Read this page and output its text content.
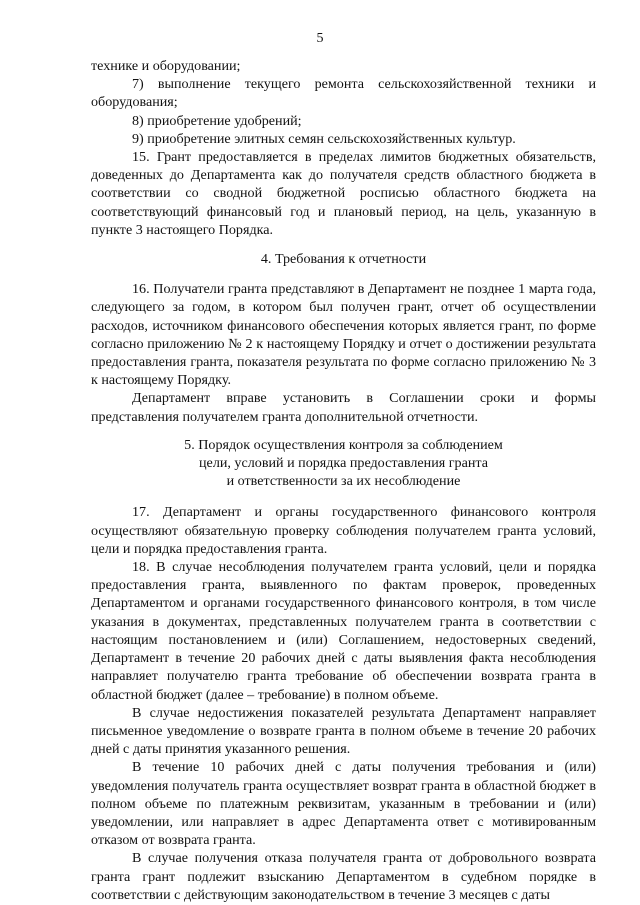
5

технике и оборудовании;

7) выполнение текущего ремонта сельскохозяйственной техники и оборудования;

8) приобретение удобрений;

9) приобретение элитных семян сельскохозяйственных культур.

15. Грант предоставляется в пределах лимитов бюджетных обязательств, доведенных до Департамента как до получателя средств областного бюджета в соответствии со сводной бюджетной росписью областного бюджета на соответствующий финансовый год и плановый период, на цель, указанную в пункте 3 настоящего Порядка.

4. Требования к отчетности

16. Получатели гранта представляют в Департамент не позднее 1 марта года, следующего за годом, в котором был получен грант, отчет об осуществлении расходов, источником финансового обеспечения которых является грант, по форме согласно приложению № 2 к настоящему Порядку и отчет о достижении результата предоставления гранта, показателя результата по форме согласно приложению № 3 к настоящему Порядку.

Департамент вправе установить в Соглашении сроки и формы представления получателем гранта дополнительной отчетности.

5. Порядок осуществления контроля за соблюдением
цели, условий и порядка предоставления гранта
и ответственности за их несоблюдение

17. Департамент и органы государственного финансового контроля осуществляют обязательную проверку соблюдения получателем гранта условий, цели и порядка предоставления гранта.

18. В случае несоблюдения получателем гранта условий, цели и порядка предоставления гранта, выявленного по фактам проверок, проведенных Департаментом и органами государственного финансового контроля, в том числе указания в документах, представленных получателем гранта в соответствии с настоящим постановлением и (или) Соглашением, недостоверных сведений, Департамент в течение 20 рабочих дней с даты выявления факта несоблюдения направляет получателю гранта требование об обеспечении возврата гранта в областной бюджет (далее – требование) в полном объеме.

В случае недостижения показателей результата Департамент направляет письменное уведомление о возврате гранта в полном объеме в течение 20 рабочих дней с даты принятия указанного решения.

В течение 10 рабочих дней с даты получения требования и (или) уведомления получатель гранта осуществляет возврат гранта в областной бюджет в полном объеме по платежным реквизитам, указанным в требовании и (или) уведомлении, или направляет в адрес Департамента ответ с мотивированным отказом от возврата гранта.

В случае получения отказа получателя гранта от добровольного возврата гранта грант подлежит взысканию Департаментом в судебном порядке в соответствии с действующим законодательством в течение 3 месяцев с даты
